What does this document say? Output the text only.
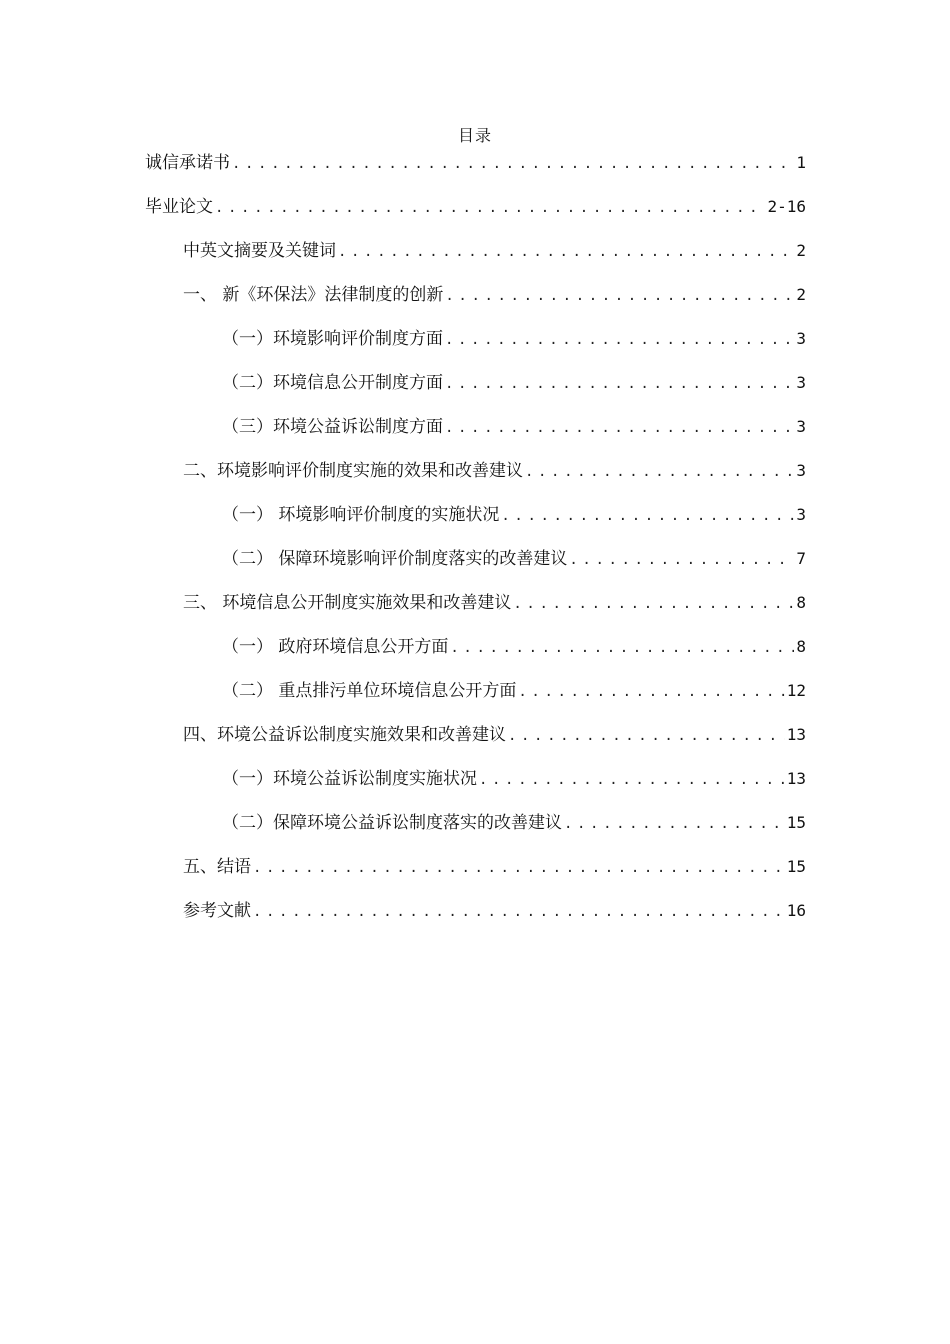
目录
诚信承诺书 .....	1
毕业论文 .....	2-16
中英文摘要及关键词 .....	2
一、 新《环保法》法律制度的创新 .....	2
（一）环境影响评价制度方面 .....	3
（二）环境信息公开制度方面 .....	3
（三）环境公益诉讼制度方面 .....	3
二、环境影响评价制度实施的效果和改善建议 .....	3
（一） 环境影响评价制度的实施状况 .....	3
（二） 保障环境影响评价制度落实的改善建议 .....	7
三、 环境信息公开制度实施效果和改善建议 .....	8
（一） 政府环境信息公开方面 .....	8
（二） 重点排污单位环境信息公开方面 .....	12
四、环境公益诉讼制度实施效果和改善建议 .....	13
（一）环境公益诉讼制度实施状况 .....	13
（二）保障环境公益诉讼制度落实的改善建议 .....	15
五、结语 .....	15
参考文献 .....	16
